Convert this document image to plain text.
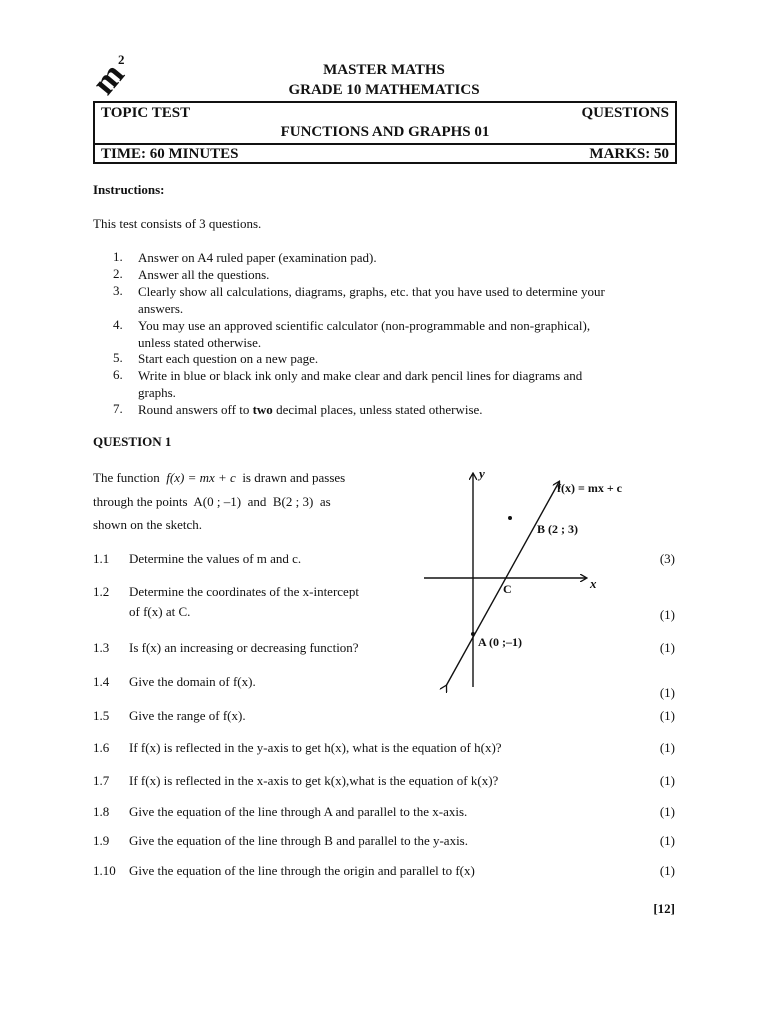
m
2
MASTER MATHS
GRADE 10 MATHEMATICS
TOPIC TEST	QUESTIONS
FUNCTIONS AND GRAPHS 01
TIME: 60 MINUTES	MARKS: 50
Instructions:
This test consists of 3 questions.
1. Answer on A4 ruled paper (examination pad).
2. Answer all the questions.
3. Clearly show all calculations, diagrams, graphs, etc. that you have used to determine your answers.
4. You may use an approved scientific calculator (non-programmable and non-graphical), unless stated otherwise.
5. Start each question on a new page.
6. Write in blue or black ink only and make clear and dark pencil lines for diagrams and graphs.
7. Round answers off to two decimal places, unless stated otherwise.
QUESTION 1
The function f(x) = mx + c is drawn and passes
through the points A(0 ; –1) and B(2 ; 3) as
shown on the sketch.
y
x
f(x) = mx + c
B (2 ; 3)
C
A (0 ;–1)
1.1 Determine the values of m and c.	(3)
1.2 Determine the coordinates of the x-intercept
of f(x) at C.	(1)
1.3 Is f(x) an increasing or decreasing function?	(1)
1.4 Give the domain of f(x).
(1)
1.5 Give the range of f(x).	(1)
1.6 If f(x) is reflected in the y-axis to get h(x), what is the equation of h(x)?	(1)
1.7 If f(x) is reflected in the x-axis to get k(x),what is the equation of k(x)?	(1)
1.8 Give the equation of the line through A and parallel to the x-axis.	(1)
1.9 Give the equation of the line through B and parallel to the y-axis.	(1)
1.10 Give the equation of the line through the origin and parallel to f(x)	(1)
[12]
